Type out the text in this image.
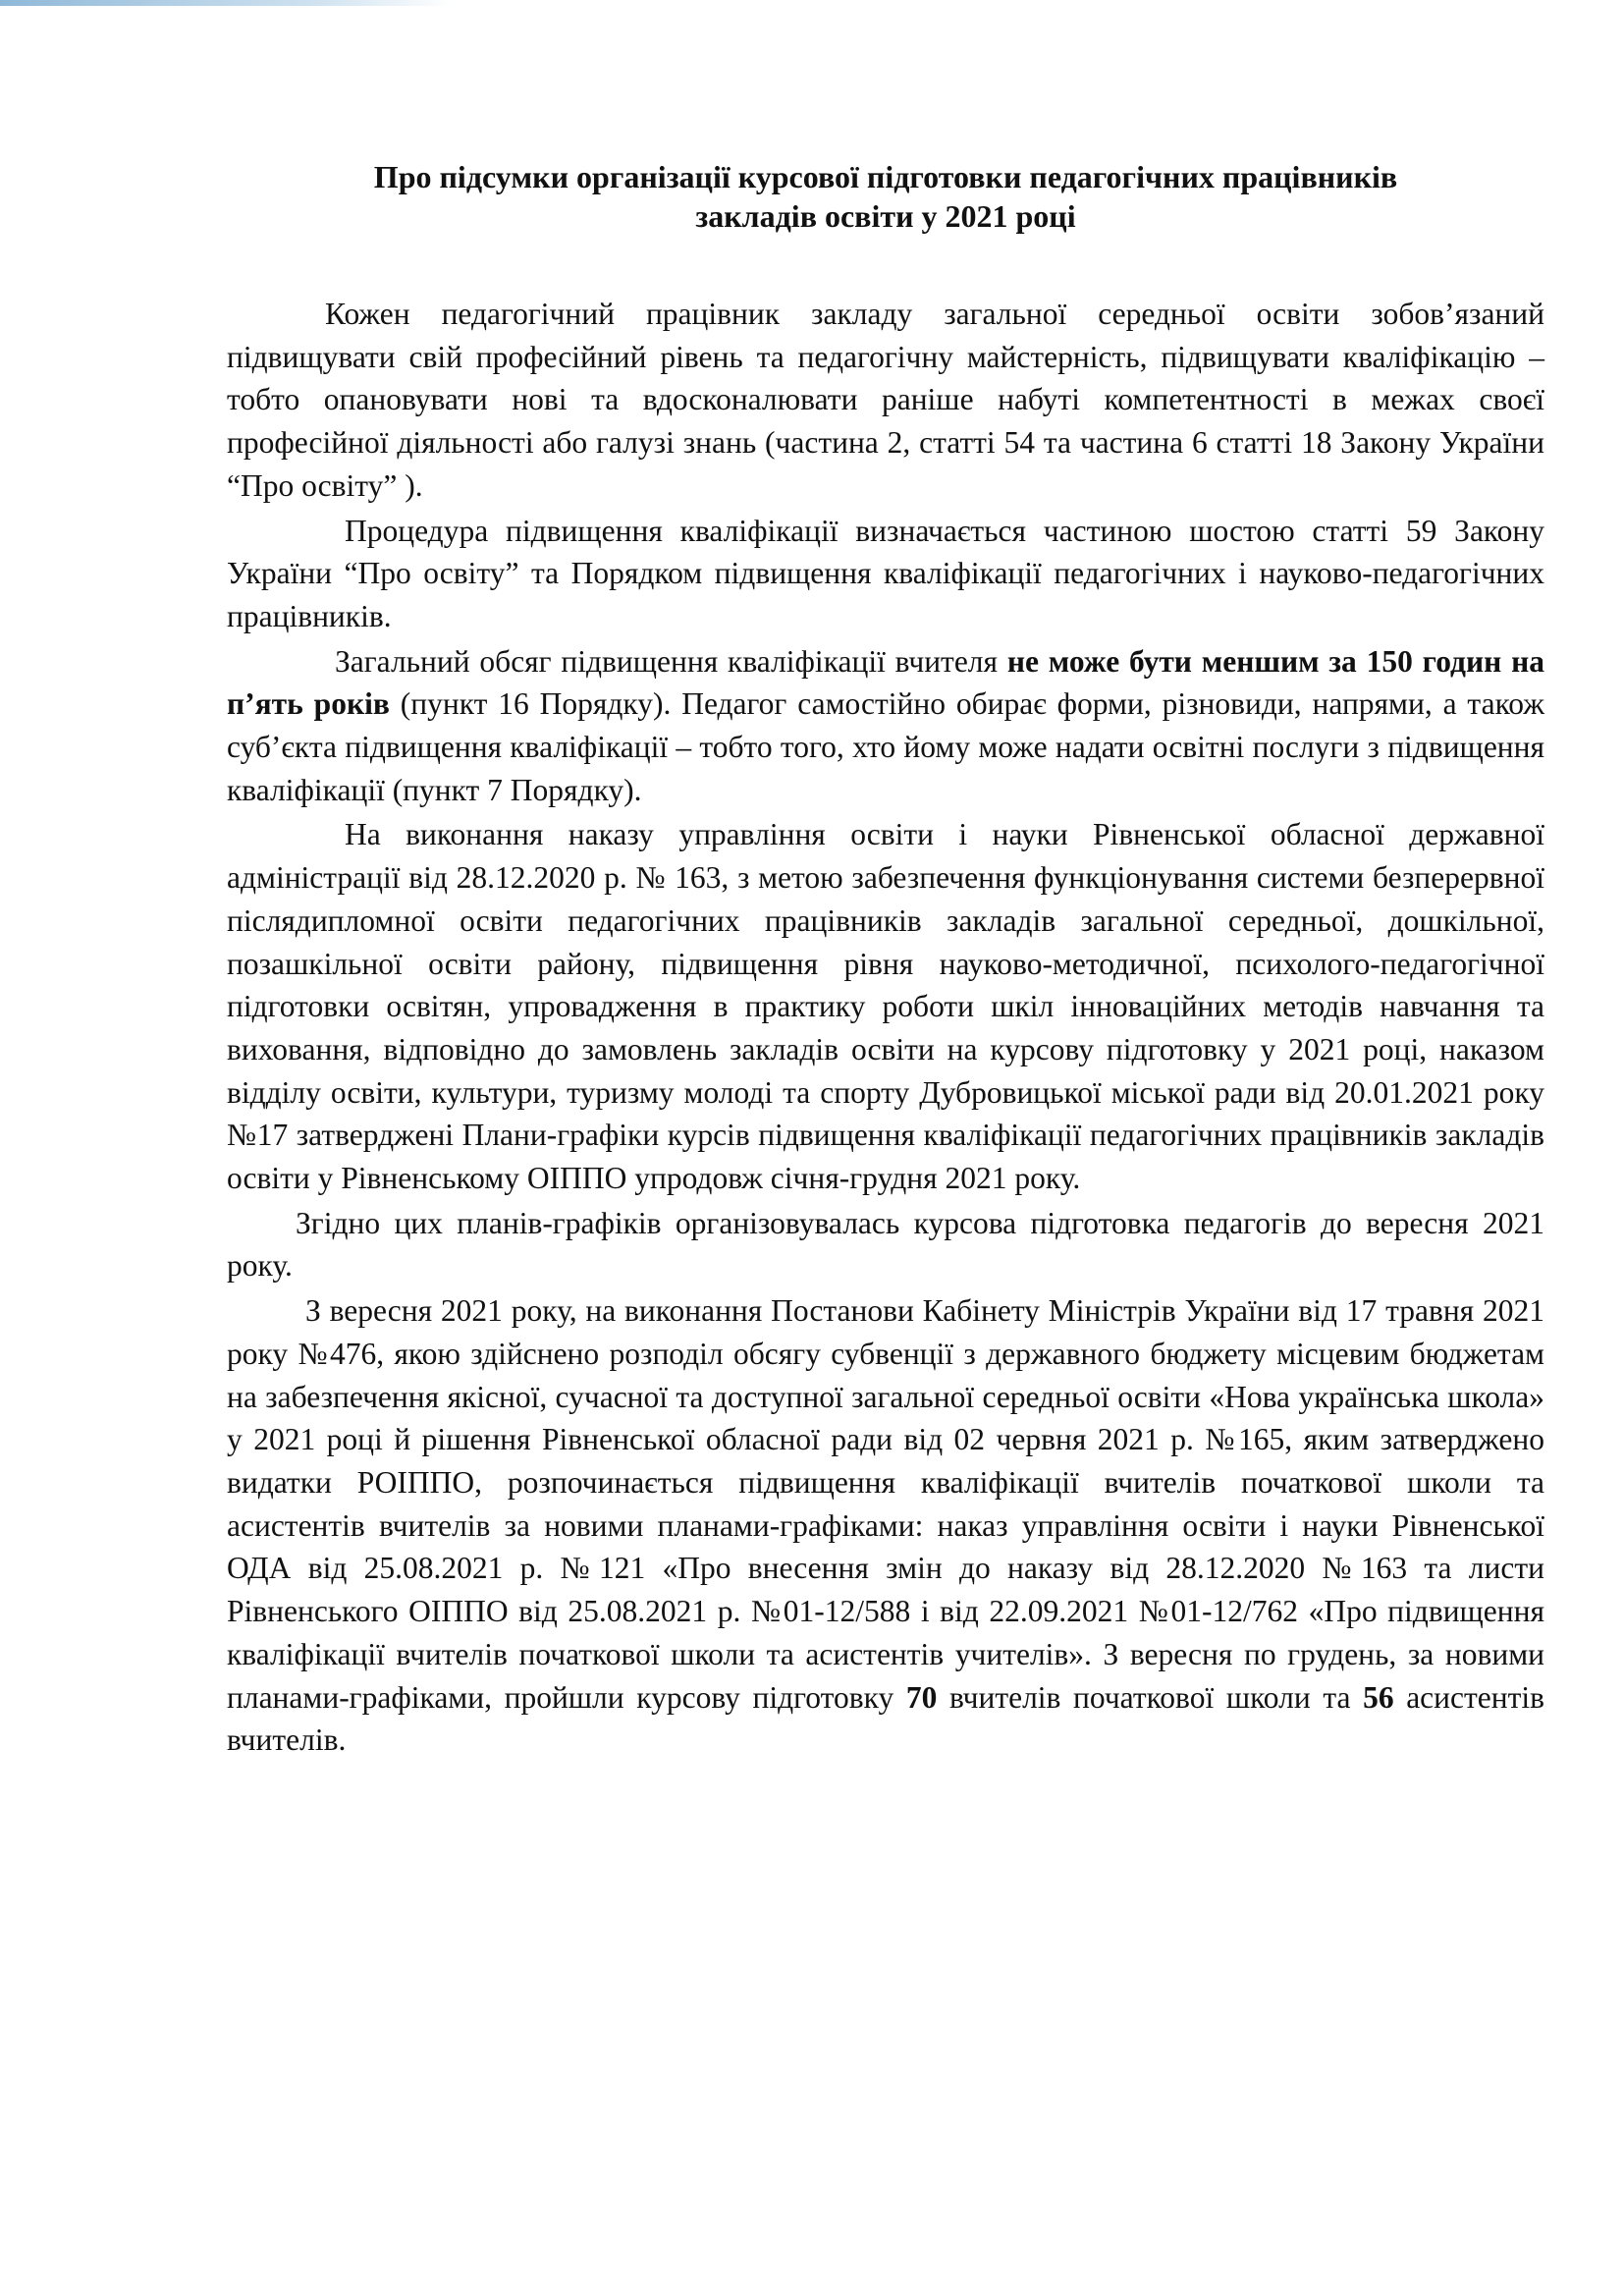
Про підсумки організації курсової підготовки педагогічних працівників
закладів освіти у 2021 році

Кожен педагогічний працівник закладу загальної середньої освіти зобов’язаний підвищувати свій професійний рівень та педагогічну майстерність, підвищувати кваліфікацію – тобто опановувати нові та вдосконалювати раніше набуті компетентності в межах своєї професійної діяльності або галузі знань (частина 2, статті 54 та частина 6 статті 18 Закону України “Про освіту” ).

Процедура підвищення кваліфікації визначається частиною шостою статті 59 Закону України “Про освіту” та Порядком підвищення кваліфікації педагогічних і науково-педагогічних працівників.

Загальний обсяг підвищення кваліфікації вчителя не може бути меншим за 150 годин на п’ять років (пункт 16 Порядку). Педагог самостійно обирає форми, різновиди, напрями, а також суб’єкта підвищення кваліфікації – тобто того, хто йому може надати освітні послуги з підвищення кваліфікації (пункт 7 Порядку).

На виконання наказу управління освіти і науки Рівненської обласної державної адміністрації від 28.12.2020 р. № 163, з метою забезпечення функціонування системи безперервної післядипломної освіти педагогічних працівників закладів загальної середньої, дошкільної, позашкільної освіти району, підвищення рівня науково-методичної, психолого-педагогічної підготовки освітян, упровадження в практику роботи шкіл інноваційних методів навчання та виховання, відповідно до замовлень закладів освіти на курсову підготовку у 2021 році, наказом відділу освіти, культури, туризму молоді та спорту Дубровицької міської ради від 20.01.2021 року №17 затверджені Плани-графіки курсів підвищення кваліфікації педагогічних працівників закладів освіти у Рівненському ОІППО упродовж січня-грудня 2021 року.

Згідно цих планів-графіків організовувалась курсова підготовка педагогів до вересня 2021 року.

З вересня 2021 року, на виконання Постанови Кабінету Міністрів України від 17 травня 2021 року №476, якою здійснено розподіл обсягу субвенції з державного бюджету місцевим бюджетам на забезпечення якісної, сучасної та доступної загальної середньої освіти «Нова українська школа» у 2021 році й рішення Рівненської обласної ради від 02 червня 2021 р. №165, яким затверджено видатки РОІППО, розпочинається підвищення кваліфікації вчителів початкової школи та асистентів вчителів за новими планами-графіками: наказ управління освіти і науки Рівненської ОДА від 25.08.2021 р. №121 «Про внесення змін до наказу від 28.12.2020 №163 та листи Рівненського ОІППО від 25.08.2021 р. №01-12/588 і від 22.09.2021 №01-12/762 «Про підвищення кваліфікації вчителів початкової школи та асистентів учителів». З вересня по грудень, за новими планами-графіками, пройшли курсову підготовку 70 вчителів початкової школи та 56 асистентів вчителів.
